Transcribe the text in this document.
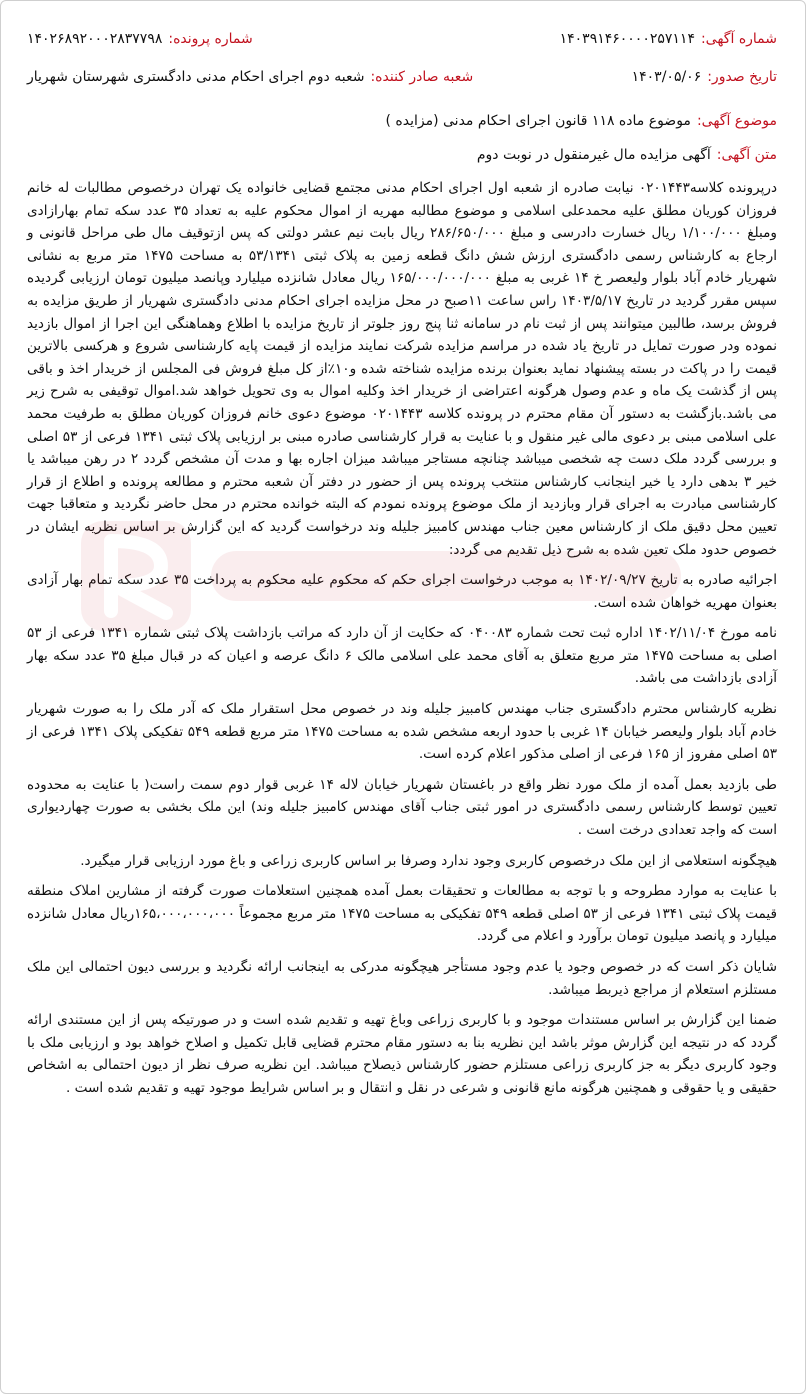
شماره آگهی:۱۴۰۳۹۱۴۶۰۰۰۰۲۵۷۱۱۴
شماره پرونده:۱۴۰۲۶۸۹۲۰۰۰۲۸۳۷۷۹۸
تاریخ صدور:۱۴۰۳/۰۵/۰۶
شعبه صادر کننده:شعبه دوم اجرای احکام مدنی دادگستری شهرستان شهریار
موضوع آگهی:موضوع ماده ۱۱۸ قانون اجرای احکام مدنی (مزایده )
متن آگهی:آگهی مزایده مال غیرمنقول در نوبت دوم

درپرونده کلاسه۰۲۰۱۴۴۳ نیابت صادره از شعبه اول اجرای احکام مدنی مجتمع قضایی خانواده یک تهران درخصوص مطالبات له خانم فروزان کوریان مطلق علیه محمدعلی اسلامی و موضوع مطالبه مهریه از اموال محکوم علیه به تعداد ۳۵ عدد سکه تمام بهارازادی ومبلغ ۱/۱۰۰/۰۰۰ ریال خسارت دادرسی و مبلغ ۲۸۶/۶۵۰/۰۰۰ ریال بابت نیم عشر دولتی که پس ازتوقیف مال طی مراحل قانونی و ارجاع به کارشناس رسمی دادگستری ارزش شش دانگ قطعه زمین به پلاک ثبتی ۵۳/۱۳۴۱ به مساحت ۱۴۷۵ متر مربع به نشانی شهریار خادم آباد بلوار ولیعصر خ ۱۴ غربی به مبلغ ۱۶۵/۰۰۰/۰۰۰/۰۰۰ ریال معادل شانزده میلیارد وپانصد میلیون تومان ارزیابی گردیده سپس مقرر گردید در تاریخ ۱۴۰۳/۵/۱۷ راس ساعت ۱۱صبح در محل مزایده اجرای احکام مدنی دادگستری شهریار از طریق مزایده به فروش برسد، طالبین میتوانند پس از ثبت نام در سامانه ثنا پنج روز جلوتر از تاریخ مزایده با اطلاع وهماهنگی این اجرا از اموال بازدید نموده ودر صورت تمایل در تاریخ یاد شده در مراسم مزایده شرکت نمایند مزایده از قیمت پایه کارشناسی شروع و هرکسی بالاترین قیمت را در پاکت در بسته پیشنهاد نماید بعنوان برنده مزایده شناخته شده و۱۰٪از کل مبلغ فروش فی المجلس از خریدار اخذ و باقی پس از گذشت یک ماه و عدم وصول هرگونه اعتراضی از خریدار اخذ وکلیه اموال به وی تحویل خواهد شد.اموال توقیفی به شرح زیر می باشد.بازگشت به دستور آن مقام محترم در پرونده کلاسه ۰۲۰۱۴۴۳ موضوع دعوی خانم فروزان کوریان مطلق به طرفیت محمد علی اسلامی مبنی بر دعوی مالی غیر منقول و با عنایت به قرار کارشناسی صادره مبنی بر ارزیابی پلاک ثبتی ۱۳۴۱ فرعی از ۵۳ اصلی و بررسی گردد ملک دست چه شخصی میباشد چنانچه مستاجر میباشد میزان اجاره بها و مدت آن مشخص گردد ۲ در رهن میباشد یا خیر ۳ بدهی دارد یا خیر اینجانب کارشناس منتخب پرونده پس از حضور در دفتر آن شعبه محترم و مطالعه پرونده و اطلاع از قرار کارشناسی مبادرت به اجرای قرار وبازدید از ملک موضوع پرونده نمودم که البته خوانده محترم در محل حاضر نگردید و متعاقبا جهت تعیین محل دقیق ملک از کارشناس معین جناب مهندس کامبیز جلیله وند درخواست گردید که این گزارش بر اساس نظریه ایشان در خصوص حدود ملک تعین شده به شرح ذیل تقدیم می گردد:

اجرائیه صادره به تاریخ ۱۴۰۲/۰۹/۲۷ به موجب درخواست اجرای حکم که محکوم علیه محکوم به پرداخت ۳۵ عدد سکه تمام بهار آزادی بعنوان مهریه خواهان شده است.

نامه مورخ ۱۴۰۲/۱۱/۰۴ اداره ثبت تحت شماره ۰۴۰۰۸۳ که حکایت از آن دارد که مراتب بازداشت پلاک ثبتی شماره ۱۳۴۱ فرعی از ۵۳ اصلی به مساحت ۱۴۷۵ متر مربع متعلق به آقای محمد علی اسلامی مالک ۶ دانگ عرصه و اعیان که در قبال مبلغ ۳۵ عدد سکه بهار آزادی بازداشت می باشد.

نظریه کارشناس محترم دادگستری جناب مهندس کامبیز جلیله وند در خصوص محل استقرار ملک که آدر ملک را به صورت شهریار خادم آباد بلوار ولیعصر خیابان ۱۴ غربی با حدود اربعه مشخص شده به مساحت ۱۴۷۵ متر مربع قطعه ۵۴۹ تفکیکی پلاک ۱۳۴۱ فرعی از ۵۳ اصلی مفروز از ۱۶۵ فرعی از اصلی مذکور اعلام کرده است.

طی بازدید بعمل آمده از ملک مورد نظر واقع در باغستان شهریار خیابان لاله ۱۴ غربی قوار دوم سمت راست( با عنایت به محدوده تعیین توسط کارشناس رسمی دادگستری در امور ثبتی جناب آقای مهندس کامبیز جلیله وند) این ملک بخشی به صورت چهاردیواری است که واجد تعدادی درخت است .

هیچگونه استعلامی از این ملک درخصوص کاربری وجود ندارد وصرفا بر اساس کاربری زراعی و باغ مورد ارزیابی قرار میگیرد.

با عنایت به موارد مطروحه و با توجه به مطالعات و تحقیقات بعمل آمده همچنین استعلامات صورت گرفته از مشارین املاک منطقه قیمت پلاک ثبتی ۱۳۴۱ فرعی از ۵۳ اصلی قطعه ۵۴۹ تفکیکی به مساحت ۱۴۷۵ متر مربع مجموعاً ۱۶۵،۰۰۰،۰۰۰،۰۰۰ریال معادل شانزده میلیارد و پانصد میلیون تومان برآورد و اعلام می گردد.

شایان ذکر است که در خصوص وجود یا عدم وجود مستأجر هیچگونه مدرکی به اینجانب ارائه نگردید و بررسی دیون احتمالی این ملک مستلزم استعلام از مراجع ذیربط میباشد.

ضمنا این گزارش بر اساس مستندات موجود و با کاربری زراعی وباغ تهیه و تقدیم شده است و در صورتیکه پس از این مستندی ارائه گردد که در نتیجه این گزارش موثر باشد این نظریه بنا به دستور مقام محترم قضایی قابل تکمیل و اصلاح خواهد بود و ارزیابی ملک با وجود کاربری دیگر به جز کاربری زراعی مستلزم حضور کارشناس ذیصلاح میباشد. این نظریه صرف نظر از دیون احتمالی به اشخاص حقیقی و یا حقوقی و همچنین هرگونه مانع قانونی و شرعی در نقل و انتقال و بر اساس شرایط موجود تهیه و تقدیم شده است .
